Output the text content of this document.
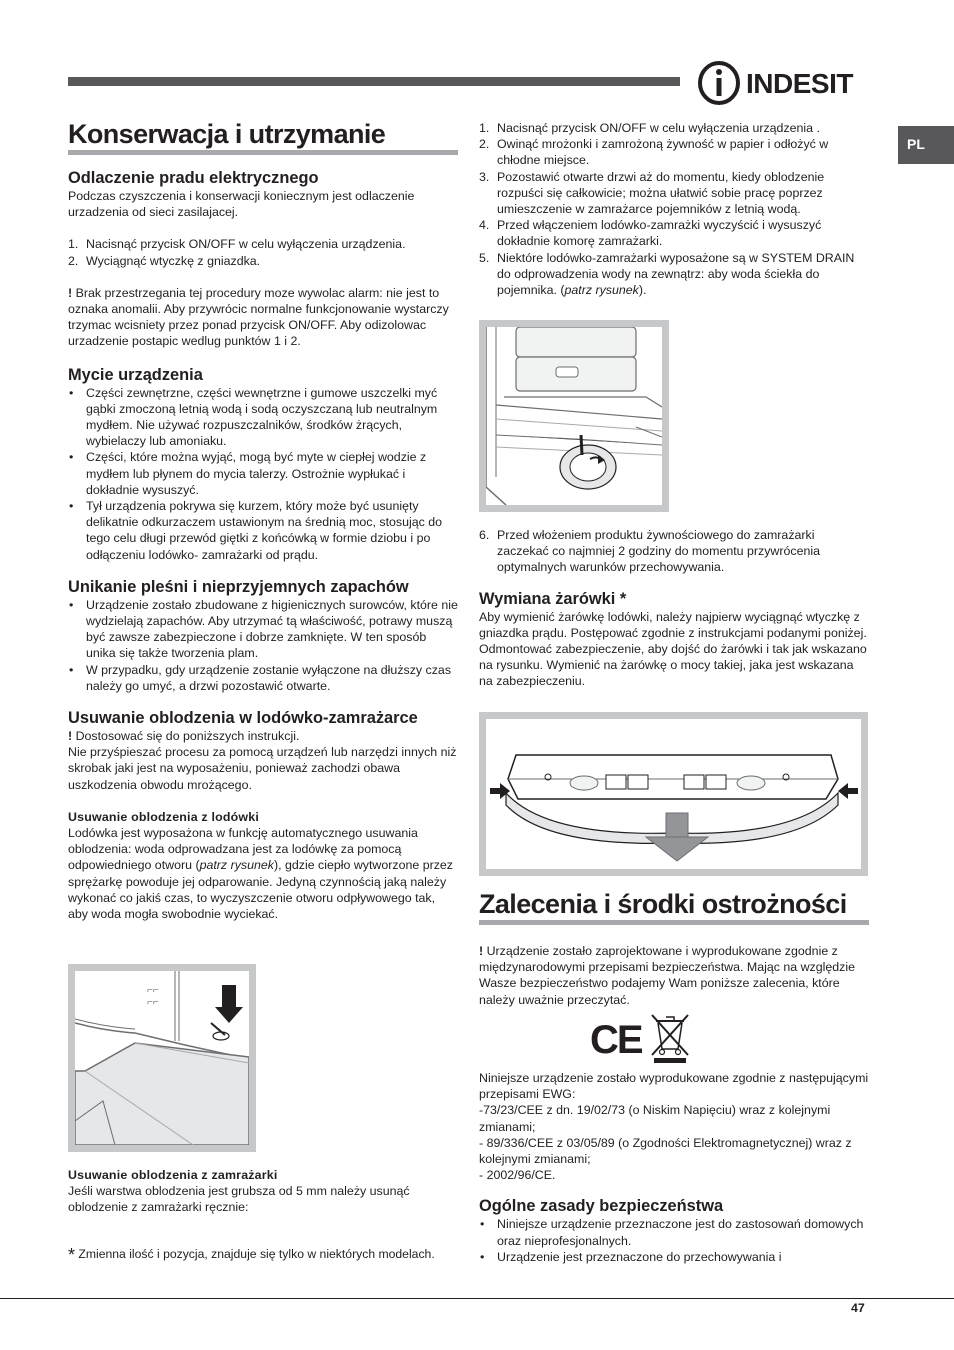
INDESIT
PL
Konserwacja i utrzymanie
Odlaczenie pradu elektrycznego

Podczas czyszczenia i konserwacji koniecznym jest odlaczenie urzadzenia od sieci zasilajacej.

1. Nacisnąć przycisk ON/OFF w celu wyłączenia urządzenia.
2. Wyciągnąć wtyczkę z gniazdka.

! Brak przestrzegania tej procedury moze wywolac alarm: nie jest to oznaka anomalii. Aby przywrócic normalne funkcjonowanie wystarczy trzymac wcisniety przez ponad przycisk ON/OFF. Aby odizolowac urzadzenie postapic wedlug punktów 1 i 2.

Mycie urządzenia
• Części zewnętrzne, części wewnętrzne i gumowe uszczelki myć gąbki zmoczoną letnią wodą i sodą oczyszczaną lub neutralnym mydłem. Nie używać rozpuszczalników, środków żrących, wybielaczy lub amoniaku.
• Części, które można wyjąć, mogą być myte w ciepłej wodzie z mydłem lub płynem do mycia talerzy. Ostrożnie wypłukać i dokładnie wysuszyć.
• Tył urządzenia pokrywa się kurzem, który może być usunięty delikatnie odkurzaczem ustawionym na średnią moc, stosując do tego celu długi przewód giętki z końcówką w formie dziobu i po odłączeniu lodówko- zamrażarki od prądu.
Unikanie pleśni i nieprzyjemnych zapachów
• Urządzenie zostało zbudowane z higienicznych surowców, które nie wydzielają zapachów. Aby utrzymać tą właściwość, potrawy muszą być zawsze zabezpieczone i dobrze zamknięte. W ten sposób unika się także tworzenia plam.
• W przypadku, gdy urządzenie zostanie wyłączone na dłuższy czas należy go umyć, a drzwi pozostawić otwarte.
Usuwanie oblodzenia w lodówko-zamrażarce

! Dostosować się do poniższych instrukcji.

Nie przyśpieszać procesu za pomocą urządzeń lub narzędzi innych niż skrobak jaki jest na wyposażeniu, ponieważ zachodzi obawa uszkodzenia obwodu mrożącego.

Usuwanie oblodzenia z lodówki

Lodówka jest wyposażona w funkcję automatycznego usuwania oblodzenia: woda odprowadzana jest za lodówkę za pomocą odpowiedniego otworu (patrz rysunek), gdzie ciepło wytworzone przez sprężarkę powoduje jej odparowanie. Jedyną czynnością jaką należy wykonać co jakiś czas, to wyczyszczenie otworu odpływowego tak, aby woda mogła swobodnie wyciekać.

⌐⌐
⌐⌐
Usuwanie oblodzenia z zamrażarki

Jeśli warstwa oblodzenia jest grubsza od 5 mm należy usunąć oblodzenie z zamrażarki ręcznie:

* Zmienna ilość i pozycja, znajduje się tylko w niektórych modelach.
1. Nacisnąć przycisk ON/OFF w celu wyłączenia urządzenia .
2. Owinąć mrożonki i zamrożoną żywność w papier i odłożyć w chłodne miejsce.
3. Pozostawić otwarte drzwi aż do momentu, kiedy oblodzenie rozpuści się całkowicie; można ułatwić sobie pracę poprzez umieszczenie w zamrażarce pojemników z letnią wodą.
4. Przed włączeniem lodówko-zamrażki wyczyścić i wysuszyć dokładnie komorę zamrażarki.
5. Niektóre lodówko-zamrażarki wyposażone są w SYSTEM DRAIN do odprowadzenia wody na zewnątrz: aby woda ściekła do pojemnika. (patrz rysunek).
6. Przed włożeniem produktu żywnościowego do zamrażarki zaczekać co najmniej 2 godziny do momentu przywrócenia optymalnych warunków przechowywania.
Wymiana żarówki *

Aby wymienić żarówkę lodówki, należy najpierw wyciągnąć wtyczkę z gniazdka prądu. Postępować zgodnie z instrukcjami podanymi poniżej. Odmontować zabezpieczenie, aby dojść do żarówki i tak jak wskazano na rysunku. Wymienić na żarówkę o mocy takiej, jaka jest wskazana na zabezpieczeniu.

Zalecenia i środki ostrożności

! Urządzenie zostało zaprojektowane i wyprodukowane zgodnie z międzynarodowymi przepisami bezpieczeństwa. Mając na względzie Wasze bezpieczeństwo podajemy Wam poniższe zalecenia, które należy uważnie przeczytać.

CE

Niniejsze urządzenie zostało wyprodukowane zgodnie z następującymi przepisami EWG:

-73/23/CEE z dn. 19/02/73 (o Niskim Napięciu) wraz z kolejnymi zmianami;

- 89/336/CEE z 03/05/89 (o Zgodności Elektromagnetycznej) wraz z kolejnymi zmianami;

- 2002/96/CE.

Ogólne zasady bezpieczeństwa
• Niniejsze urządzenie przeznaczone jest do zastosowań domowych oraz nieprofesjonalnych.
• Urządzenie jest przeznaczone do przechowywania i
47
